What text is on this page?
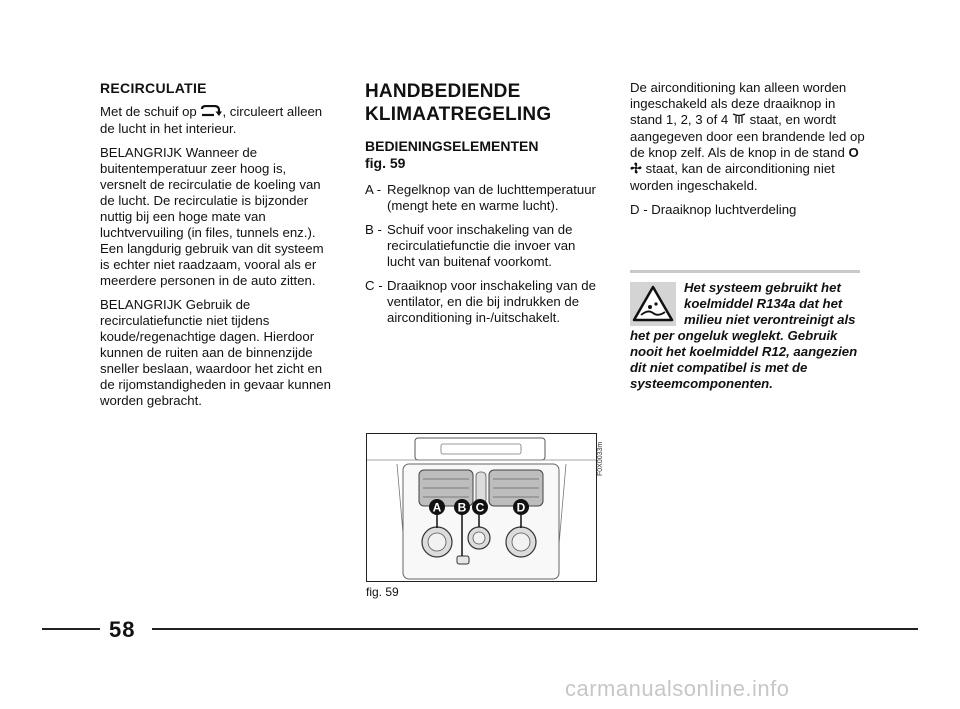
RECIRCULATIE

Met de schuif op , circuleert alleen de lucht in het interieur.

BELANGRIJK Wanneer de buitentemperatuur zeer hoog is, versnelt de recirculatie de koeling van de lucht. De recirculatie is bijzonder nuttig bij een hoge mate van luchtvervuiling (in files, tunnels enz.). Een langdurig gebruik van dit systeem is echter niet raadzaam, vooral als er meerdere personen in de auto zitten.

BELANGRIJK Gebruik de recirculatiefunctie niet tijdens koude/regenachtige dagen. Hierdoor kunnen de ruiten aan de binnenzijde sneller beslaan, waardoor het zicht en de rijomstandigheden in gevaar kunnen worden gebracht.

HANDBEDIENDE
KLIMAATREGELING
BEDIENINGSELEMENTEN
fig. 59
A - Regelknop van de luchttemperatuur (mengt hete en warme lucht).
B - Schuif voor inschakeling van de recirculatiefunctie die invoer van lucht van buitenaf voorkomt.
C - Draaiknop voor inschakeling van de ventilator, en die bij indrukken de airconditioning in-/uitschakelt.

De airconditioning kan alleen worden ingeschakeld als deze draaiknop in stand 1, 2, 3 of 4 staat, en wordt aangegeven door een brandende led op de knop zelf. Als de knop in de stand O  staat, kan de airconditioning niet worden ingeschakeld.

D - Draaiknop luchtverdeling

Het systeem gebruikt het koelmiddel R134a dat het milieu niet verontreinigt als het per ongeluk weglekt. Gebruik nooit het koelmiddel R12, aangezien dit niet compatibel is met de systeemcomponenten.
A B C	D
F0X0033m
fig. 59
58
carmanualsonline.info
